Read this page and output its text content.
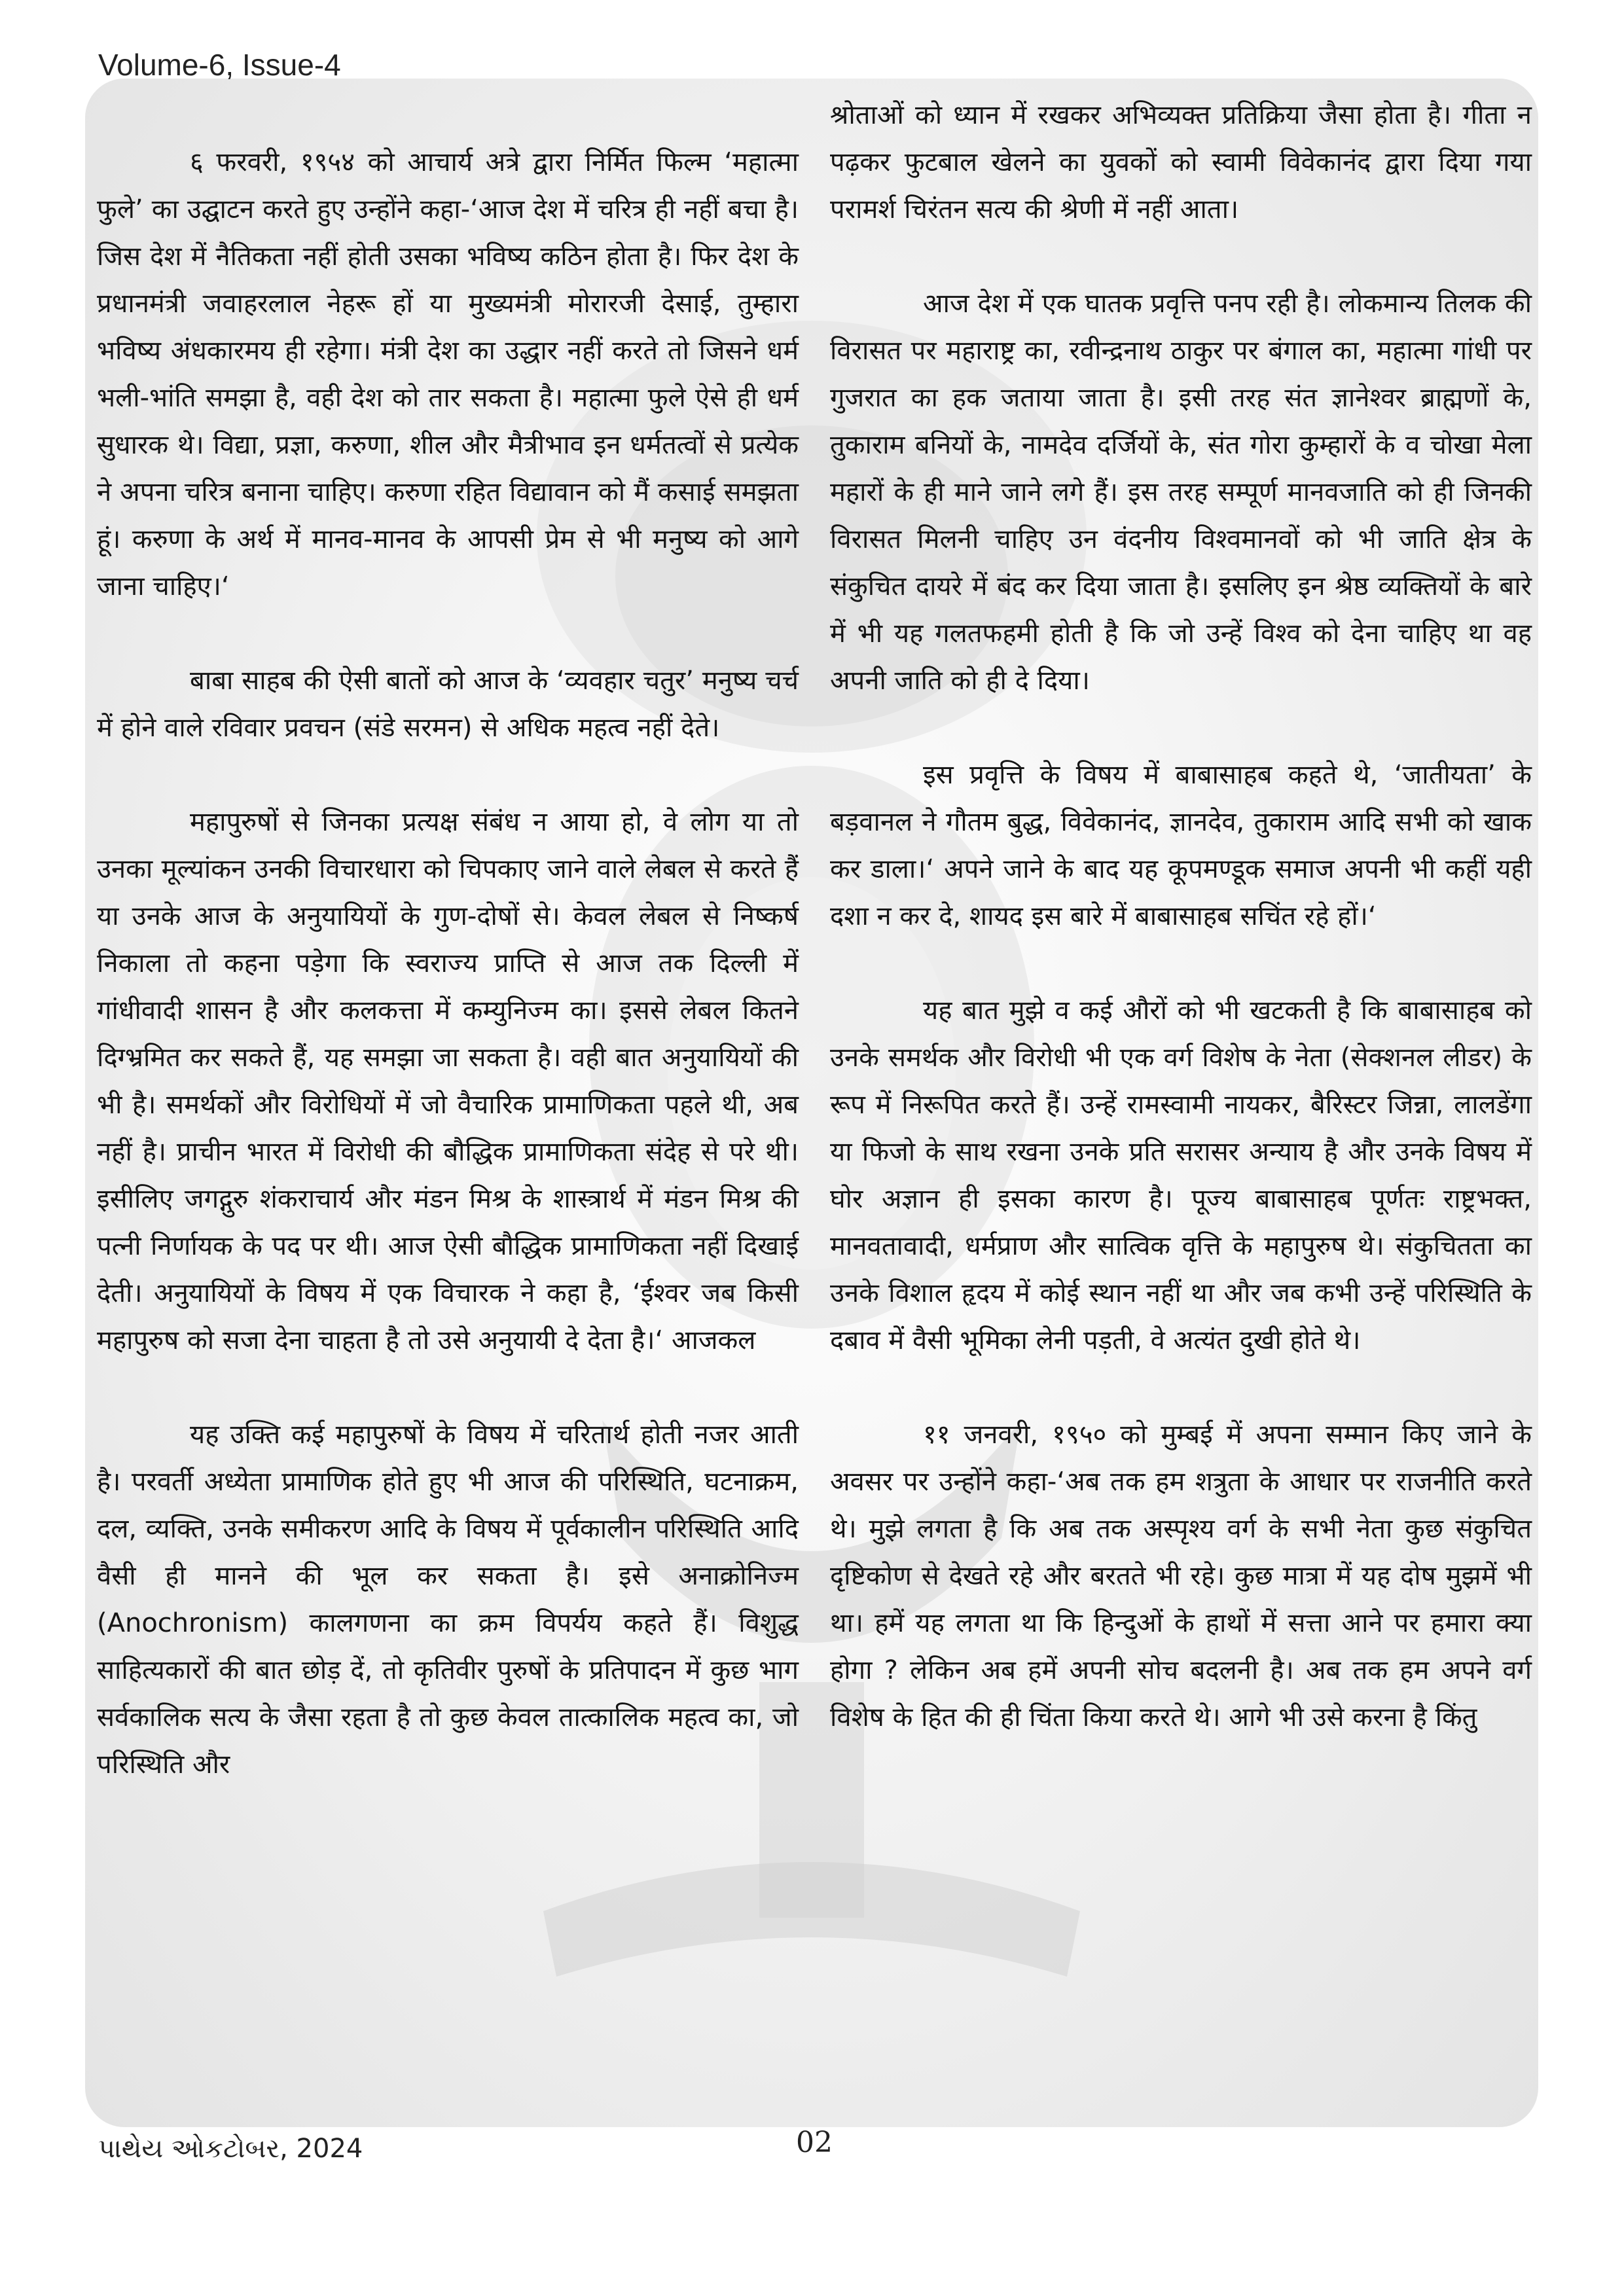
Volume-6, Issue-4

६ फरवरी, १९५४ को आचार्य अत्रे द्वारा निर्मित फिल्म ‘महात्मा फुले’ का उद्घाटन करते हुए उन्होंने कहा-‘आज देश में चरित्र ही नहीं बचा है। जिस देश में नैतिकता नहीं होती उसका भविष्य कठिन होता है। फिर देश के प्रधानमंत्री जवाहरलाल नेहरू हों या मुख्यमंत्री मोरारजी देसाई, तुम्हारा भविष्य अंधकारमय ही रहेगा। मंत्री देश का उद्धार नहीं करते तो जिसने धर्म भली-भांति समझा है, वही देश को तार सकता है। महात्मा फुले ऐसे ही धर्म सुधारक थे। विद्या, प्रज्ञा, करुणा, शील और मैत्रीभाव इन धर्मतत्वों से प्रत्येक ने अपना चरित्र बनाना चाहिए। करुणा रहित विद्यावान को मैं कसाई समझता हूं। करुणा के अर्थ में मानव-मानव के आपसी प्रेम से भी मनुष्य को आगे जाना चाहिए।‘

बाबा साहब की ऐसी बातों को आज के ‘व्यवहार चतुर’ मनुष्य चर्च में होने वाले रविवार प्रवचन (संडे सरमन) से अधिक महत्व नहीं देते।

महापुरुषों से जिनका प्रत्यक्ष संबंध न आया हो, वे लोग या तो उनका मूल्यांकन उनकी विचारधारा को चिपकाए जाने वाले लेबल से करते हैं या उनके आज के अनुयायियों के गुण-दोषों से। केवल लेबल से निष्कर्ष निकाला तो कहना पड़ेगा कि स्वराज्य प्राप्ति से आज तक दिल्ली में गांधीवादी शासन है और कलकत्ता में कम्युनिज्म का। इससे लेबल कितने दिग्भ्रमित कर सकते हैं, यह समझा जा सकता है। वही बात अनुयायियों की भी है। समर्थकों और विरोधियों में जो वैचारिक प्रामाणिकता पहले थी, अब नहीं है। प्राचीन भारत में विरोधी की बौद्धिक प्रामाणिकता संदेह से परे थी। इसीलिए जगद्गुरु शंकराचार्य और मंडन मिश्र के शास्त्रार्थ में मंडन मिश्र की पत्नी निर्णायक के पद पर थी। आज ऐसी बौद्धिक प्रामाणिकता नहीं दिखाई देती। अनुयायियों के विषय में एक विचारक ने कहा है, ‘ईश्वर जब किसी महापुरुष को सजा देना चाहता है तो उसे अनुयायी दे देता है।‘ आजकल

यह उक्ति कई महापुरुषों के विषय में चरितार्थ होती नजर आती है। परवर्ती अध्येता प्रामाणिक होते हुए भी आज की परिस्थिति, घटनाक्रम, दल, व्यक्ति, उनके समीकरण आदि के विषय में पूर्वकालीन परिस्थिति आदि वैसी ही मानने की भूल कर सकता है। इसे अनाक्रोनिज्म (Anochronism) कालगणना का क्रम विपर्यय कहते हैं। विशुद्ध साहित्यकारों की बात छोड़ दें, तो कृतिवीर पुरुषों के प्रतिपादन में कुछ भाग सर्वकालिक सत्य के जैसा रहता है तो कुछ केवल तात्कालिक महत्व का, जो परिस्थिति और

श्रोताओं को ध्यान में रखकर अभिव्यक्त प्रतिक्रिया जैसा होता है। गीता न पढ़कर फुटबाल खेलने का युवकों को स्वामी विवेकानंद द्वारा दिया गया परामर्श चिरंतन सत्य की श्रेणी में नहीं आता।

आज देश में एक घातक प्रवृत्ति पनप रही है। लोकमान्य तिलक की विरासत पर महाराष्ट्र का, रवीन्द्रनाथ ठाकुर पर बंगाल का, महात्मा गांधी पर गुजरात का हक जताया जाता है। इसी तरह संत ज्ञानेश्वर ब्राह्मणों के, तुकाराम बनियों के, नामदेव दर्जियों के, संत गोरा कुम्हारों के व चोखा मेला महारों के ही माने जाने लगे हैं। इस तरह सम्पूर्ण मानवजाति को ही जिनकी विरासत मिलनी चाहिए उन वंदनीय विश्वमानवों को भी जाति क्षेत्र के संकुचित दायरे में बंद कर दिया जाता है। इसलिए इन श्रेष्ठ व्यक्तियों के बारे में भी यह गलतफहमी होती है कि जो उन्हें विश्व को देना चाहिए था वह अपनी जाति को ही दे दिया।

इस प्रवृत्ति के विषय में बाबासाहब कहते थे, ‘जातीयता’ के बड़वानल ने गौतम बुद्ध, विवेकानंद, ज्ञानदेव, तुकाराम आदि सभी को खाक कर डाला।‘ अपने जाने के बाद यह कूपमण्डूक समाज अपनी भी कहीं यही दशा न कर दे, शायद इस बारे में बाबासाहब सचिंत रहे हों।‘

यह बात मुझे व कई औरों को भी खटकती है कि बाबासाहब को उनके समर्थक और विरोधी भी एक वर्ग विशेष के नेता (सेक्शनल लीडर) के रूप में निरूपित करते हैं। उन्हें रामस्वामी नायकर, बैरिस्टर जिन्ना, लालडेंगा या फिजो के साथ रखना उनके प्रति सरासर अन्याय है और उनके विषय में घोर अज्ञान ही इसका कारण है। पूज्य बाबासाहब पूर्णतः राष्ट्रभक्त, मानवतावादी, धर्मप्राण और सात्विक वृत्ति के महापुरुष थे। संकुचितता का उनके विशाल हृदय में कोई स्थान नहीं था और जब कभी उन्हें परिस्थिति के दबाव में वैसी भूमिका लेनी पड़ती, वे अत्यंत दुखी होते थे।

११ जनवरी, १९५० को मुम्बई में अपना सम्मान किए जाने के अवसर पर उन्होंने कहा-‘अब तक हम शत्रुता के आधार पर राजनीति करते थे। मुझे लगता है कि अब तक अस्पृश्य वर्ग के सभी नेता कुछ संकुचित दृष्टिकोण से देखते रहे और बरतते भी रहे। कुछ मात्रा में यह दोष मुझमें भी था। हमें यह लगता था कि हिन्दुओं के हाथों में सत्ता आने पर हमारा क्या होगा ? लेकिन अब हमें अपनी सोच बदलनी है। अब तक हम अपने वर्ग विशेष के हित की ही चिंता किया करते थे। आगे भी उसे करना है किंतु

પાથેય ઓકટોબર, 2024	02
